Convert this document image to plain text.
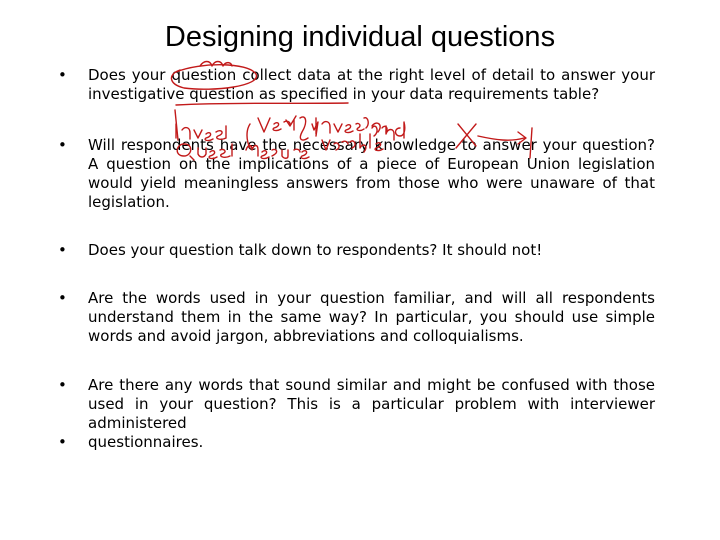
Designing individual questions
• Does your question collect data at the right level of detail to answer your investigative question as specified in your data requirements table?
• Will respondents have the necessary knowledge to answer your question? A question on the implications of a piece of European Union legislation would yield meaningless answers from those who were unaware of that legislation.
• Does your question talk down to respondents? It should not!
• Are the words used in your question familiar, and will all respondents understand them in the same way? In particular, you should use simple words and avoid jargon, abbreviations and colloquialisms.
• Are there any words that sound similar and might be confused with those used in your question? This is a particular problem with interviewer administered
• questionnaires.
